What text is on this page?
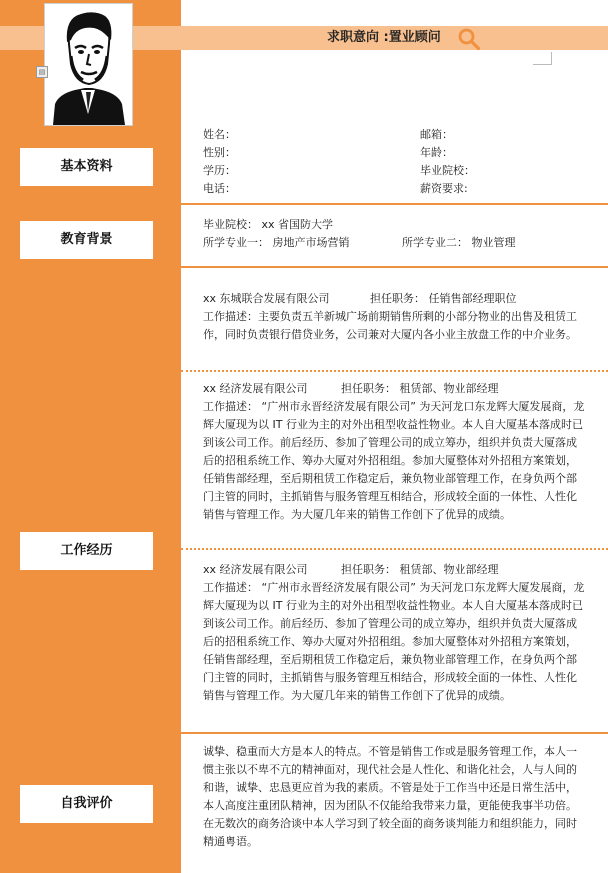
▤
求职意向 :置业顾问
基本资料
教育背景
工作经历
自我评价
姓名：	邮箱：
性别：	年龄：
学历：	毕业院校：
电话：	薪资要求:
毕业院校： xx 省国防大学
所学专业一： 房地产市场营销	所学专业二： 物业管理
xx 东城联合发展有限公司	担任职务： 任销售部经理职位
工作描述：主要负责五羊新城广场前期销售所剩的小部分物业的出售及租赁工作，同时负责银行借贷业务，公司兼对大厦内各小业主放盘工作的中介业务。
xx 经济发展有限公司	担任职务： 租赁部、物业部经理
工作描述： “广州市永晋经济发展有限公司” 为天河龙口东龙辉大厦发展商，龙辉大厦现为以 IT 行业为主的对外出租型收益性物业。本人自大厦基本落成时已到该公司工作。前后经历、参加了管理公司的成立筹办，组织并负责大厦落成后的招租系统工作、筹办大厦对外招租组。参加大厦整体对外招租方案策划，任销售部经理，至后期租赁工作稳定后，兼负物业部管理工作，在身负两个部门主管的同时，主抓销售与服务管理互相结合，形成较全面的一体性、人性化销售与管理工作。为大厦几年来的销售工作创下了优异的成绩。
xx 经济发展有限公司	担任职务： 租赁部、物业部经理
工作描述： “广州市永晋经济发展有限公司” 为天河龙口东龙辉大厦发展商，龙辉大厦现为以 IT 行业为主的对外出租型收益性物业。本人自大厦基本落成时已到该公司工作。前后经历、参加了管理公司的成立筹办，组织并负责大厦落成后的招租系统工作、筹办大厦对外招租组。参加大厦整体对外招租方案策划，任销售部经理，至后期租赁工作稳定后，兼负物业部管理工作，在身负两个部门主管的同时，主抓销售与服务管理互相结合，形成较全面的一体性、人性化销售与管理工作。为大厦几年来的销售工作创下了优异的成绩。
诚挚、稳重而大方是本人的特点。不管是销售工作或是服务管理工作，本人一惯主张以不卑不亢的精神面对，现代社会是人性化、和谐化社会，人与人间的和谐，诚挚、忠恳更应首为我的素质。不管是处于工作当中还是日常生活中，本人高度注重团队精神，因为团队不仅能给我带来力量，更能使我事半功倍。在无数次的商务洽谈中本人学习到了较全面的商务谈判能力和组织能力，同时精通粤语。
